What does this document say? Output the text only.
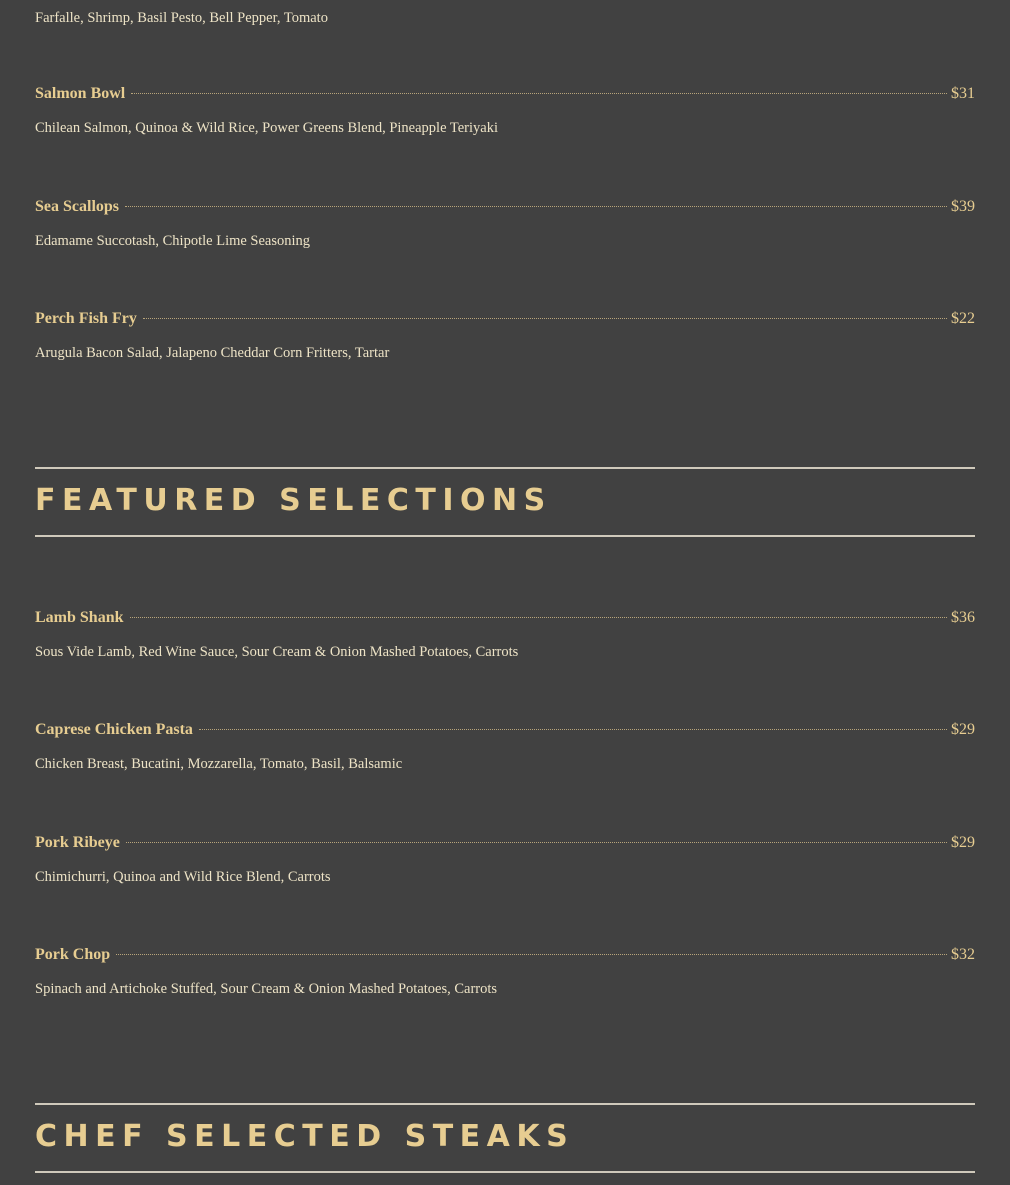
Farfalle, Shrimp, Basil Pesto, Bell Pepper, Tomato
Salmon Bowl	$31
Chilean Salmon, Quinoa & Wild Rice, Power Greens Blend, Pineapple Teriyaki
Sea Scallops	$39
Edamame Succotash, Chipotle Lime Seasoning
Perch Fish Fry	$22
Arugula Bacon Salad, Jalapeno Cheddar Corn Fritters, Tartar
FEATURED SELECTIONS
Lamb Shank	$36
Sous Vide Lamb, Red Wine Sauce, Sour Cream & Onion Mashed Potatoes, Carrots
Caprese Chicken Pasta	$29
Chicken Breast, Bucatini, Mozzarella, Tomato, Basil, Balsamic
Pork Ribeye	$29
Chimichurri, Quinoa and Wild Rice Blend, Carrots
Pork Chop	$32
Spinach and Artichoke Stuffed, Sour Cream & Onion Mashed Potatoes, Carrots
CHEF SELECTED STEAKS
